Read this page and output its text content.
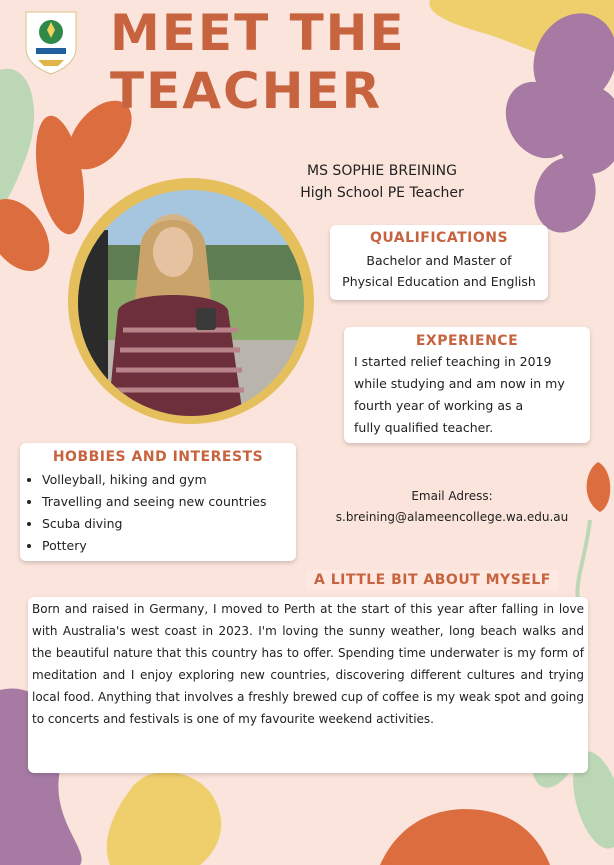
MEET THE
TEACHER
MS SOPHIE BREINING
High School PE Teacher
QUALIFICATIONS

Bachelor and Master of
Physical Education and English

EXPERIENCE

I started relief teaching in 2019
while studying and am now in my
fourth year of working as a
fully qualified teacher.

HOBBIES AND INTERESTS
• Volleyball, hiking and gym
• Travelling and seeing new countries
• Scuba diving
• Pottery
Email Adress:
s.breining@alameencollege.wa.edu.au
A LITTLE BIT ABOUT MYSELF

Born and raised in Germany, I moved to Perth at the start of this year after falling in love with Australia's west coast in 2023. I'm loving the sunny weather, long beach walks and the beautiful nature that this country has to offer. Spending time underwater is my form of meditation and I enjoy exploring new countries, discovering different cultures and trying local food. Anything that involves a freshly brewed cup of coffee is my weak spot and going to concerts and festivals is one of my favourite weekend activities.
